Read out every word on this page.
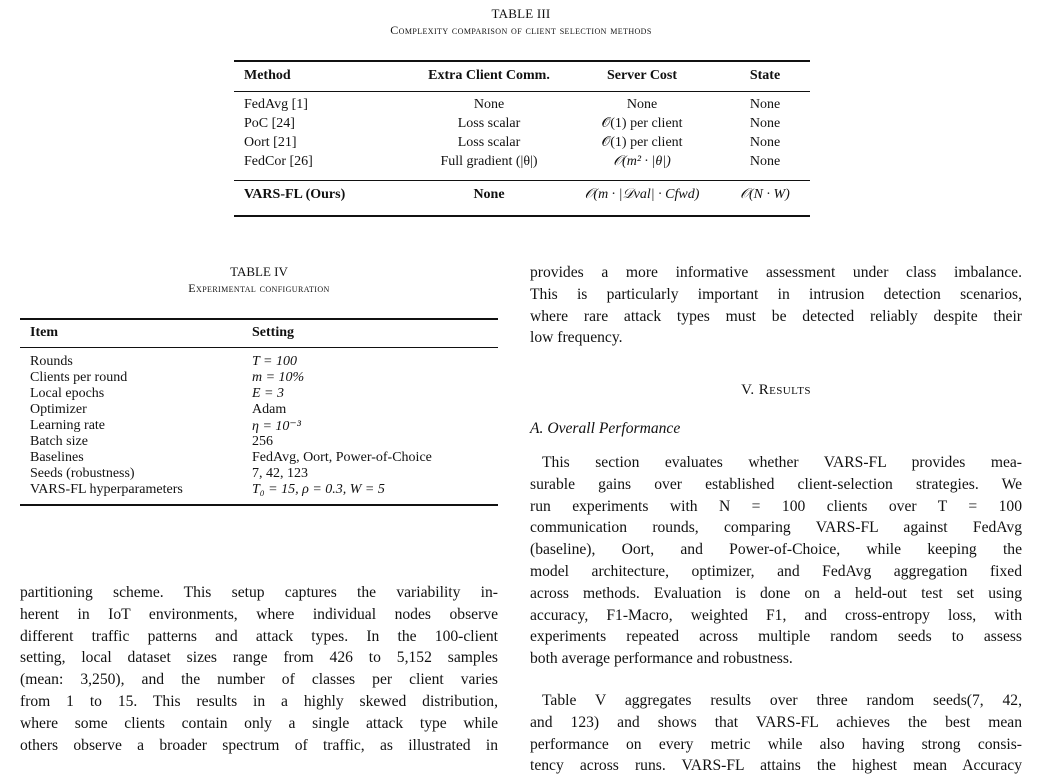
TABLE III
Complexity comparison of client selection methods
Method	Extra Client Comm.	Server Cost	State
FedAvg [1]	None	None	None
PoC [24]	Loss scalar	𝒪(1) per client	None
Oort [21]	Loss scalar	𝒪(1) per client	None
FedCor [26]	Full gradient (|θ|)	𝒪(m² · |θ|)	None
VARS-FL (Ours)	None	𝒪(m · |𝒟val| · Cfwd)	𝒪(N · W)
TABLE IV
Experimental configuration
Item	Setting
Rounds	T = 100
Clients per round	m = 10%
Local epochs	E = 3
Optimizer	Adam
Learning rate	η = 10⁻³
Batch size	256
Baselines	FedAvg, Oort, Power-of-Choice
Seeds (robustness)	7, 42, 123
VARS-FL hyperparameters	T₀ = 15, ρ = 0.3, W = 5
provides a more informative assessment under class imbalance.
This is particularly important in intrusion detection scenarios,
where rare attack types must be detected reliably despite their
low frequency.
V. Results
A. Overall Performance
This section evaluates whether VARS-FL provides mea-
surable gains over established client-selection strategies. We
run experiments with N = 100 clients over T = 100
communication rounds, comparing VARS-FL against FedAvg
(baseline), Oort, and Power-of-Choice, while keeping the
model architecture, optimizer, and FedAvg aggregation fixed
across methods. Evaluation is done on a held-out test set using
accuracy, F1-Macro, weighted F1, and cross-entropy loss, with
experiments repeated across multiple random seeds to assess
both average performance and robustness.
Table V aggregates results over three random seeds(7, 42,
and 123) and shows that VARS-FL achieves the best mean
performance on every metric while also having strong consis-
tency across runs. VARS-FL attains the highest mean Accuracy
partitioning scheme. This setup captures the variability in-
herent in IoT environments, where individual nodes observe
different traffic patterns and attack types. In the 100-client
setting, local dataset sizes range from 426 to 5,152 samples
(mean: 3,250), and the number of classes per client varies
from 1 to 15. This results in a highly skewed distribution,
where some clients contain only a single attack type while
others observe a broader spectrum of traffic, as illustrated in
